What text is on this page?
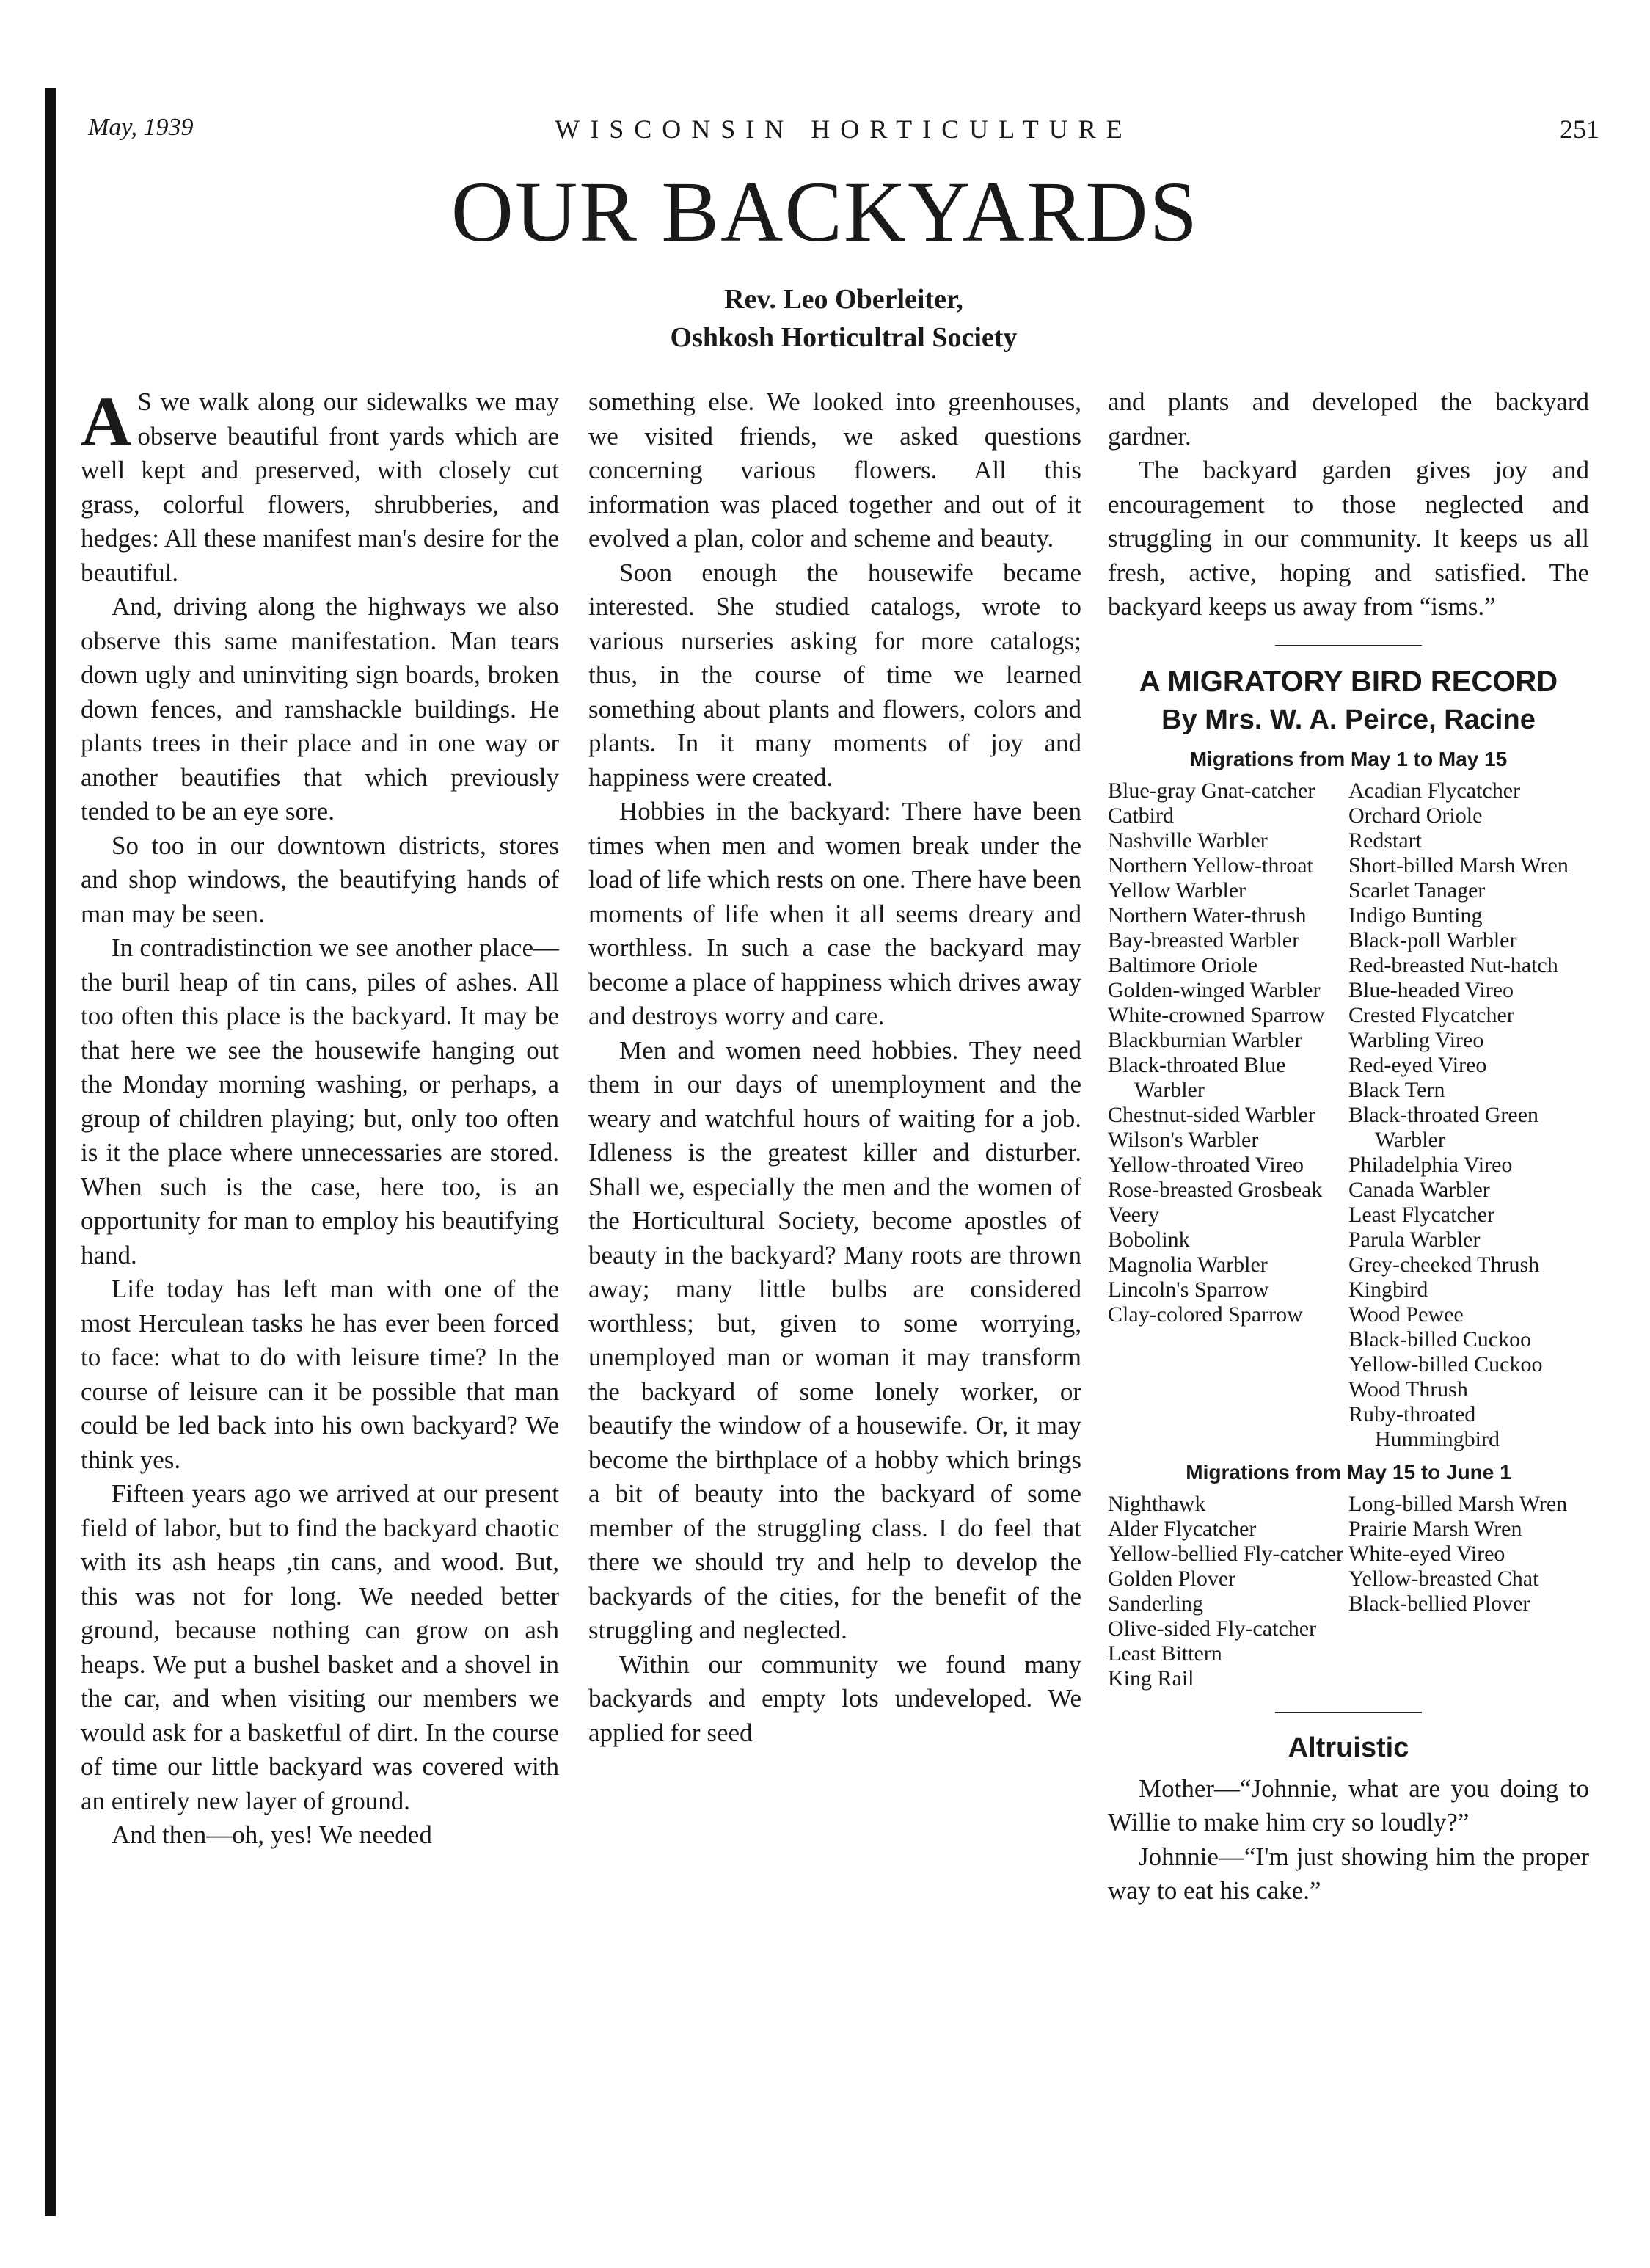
May, 1939	WISCONSIN HORTICULTURE	251
OUR BACKYARDS
Rev. Leo Oberleiter,
Oshkosh Horticultral Society

A S we walk along our sidewalks we may observe beautiful front yards which are well kept and preserved, with closely cut grass, colorful flowers, shrubberies, and hedges: All these manifest man's desire for the beautiful.

And, driving along the highways we also observe this same manifestation. Man tears down ugly and uninviting sign boards, broken down fences, and ramshackle buildings. He plants trees in their place and in one way or another beautifies that which previously tended to be an eye sore.

So too in our downtown districts, stores and shop windows, the beautifying hands of man may be seen.

In contradistinction we see another place—the buril heap of tin cans, piles of ashes. All too often this place is the backyard. It may be that here we see the housewife hanging out the Monday morning washing, or perhaps, a group of children playing; but, only too often is it the place where unnecessaries are stored. When such is the case, here too, is an opportunity for man to employ his beautifying hand.

Life today has left man with one of the most Herculean tasks he has ever been forced to face: what to do with leisure time? In the course of leisure can it be possible that man could be led back into his own backyard? We think yes.

Fifteen years ago we arrived at our present field of labor, but to find the backyard chaotic with its ash heaps ,tin cans, and wood. But, this was not for long. We needed better ground, because nothing can grow on ash heaps. We put a bushel basket and a shovel in the car, and when visiting our members we would ask for a basketful of dirt. In the course of time our little backyard was covered with an entirely new layer of ground.

And then—oh, yes! We needed

something else. We looked into greenhouses, we visited friends, we asked questions concerning various flowers. All this information was placed together and out of it evolved a plan, color and scheme and beauty.

Soon enough the housewife became interested. She studied catalogs, wrote to various nurseries asking for more catalogs; thus, in the course of time we learned something about plants and flowers, colors and plants. In it many moments of joy and happiness were created.

Hobbies in the backyard: There have been times when men and women break under the load of life which rests on one. There have been moments of life when it all seems dreary and worthless. In such a case the backyard may become a place of happiness which drives away and destroys worry and care.

Men and women need hobbies. They need them in our days of unemployment and the weary and watchful hours of waiting for a job. Idleness is the greatest killer and disturber. Shall we, especially the men and the women of the Horticultural Society, become apostles of beauty in the backyard? Many roots are thrown away; many little bulbs are considered worthless; but, given to some worrying, unemployed man or woman it may transform the backyard of some lonely worker, or beautify the window of a housewife. Or, it may become the birthplace of a hobby which brings a bit of beauty into the backyard of some member of the struggling class. I do feel that there we should try and help to develop the backyards of the cities, for the benefit of the struggling and neglected.

Within our community we found many backyards and empty lots undeveloped. We applied for seed

and plants and developed the backyard gardner.

The backyard garden gives joy and encouragement to those neglected and struggling in our community. It keeps us all fresh, active, hoping and satisfied. The backyard keeps us away from “isms.”

A MIGRATORY BIRD RECORD
By Mrs. W. A. Peirce, Racine
Migrations from May 1 to May 15
Blue-gray Gnat-catcher
Catbird
Nashville Warbler
Northern Yellow-throat
Yellow Warbler
Northern Water-thrush
Bay-breasted Warbler
Baltimore Oriole
Golden-winged Warbler
White-crowned Sparrow
Blackburnian Warbler
Black-throated Blue Warbler
Chestnut-sided Warbler
Wilson's Warbler
Yellow-throated Vireo
Rose-breasted Grosbeak
Veery
Bobolink
Magnolia Warbler
Lincoln's Sparrow
Clay-colored Sparrow
Acadian Flycatcher
Orchard Oriole
Redstart
Short-billed Marsh Wren
Scarlet Tanager
Indigo Bunting
Black-poll Warbler
Red-breasted Nut-hatch
Blue-headed Vireo
Crested Flycatcher
Warbling Vireo
Red-eyed Vireo
Black Tern
Black-throated Green Warbler
Philadelphia Vireo
Canada Warbler
Least Flycatcher
Parula Warbler
Grey-cheeked Thrush
Kingbird
Wood Pewee
Black-billed Cuckoo
Yellow-billed Cuckoo
Wood Thrush
Ruby-throated Hummingbird
Migrations from May 15 to June 1
Nighthawk
Alder Flycatcher
Yellow-bellied Fly-catcher
Golden Plover
Sanderling
Olive-sided Fly-catcher
Least Bittern
King Rail
Long-billed Marsh Wren
Prairie Marsh Wren
White-eyed Vireo
Yellow-breasted Chat
Black-bellied Plover
Altruistic

Mother—“Johnnie, what are you doing to Willie to make him cry so loudly?”

Johnnie—“I'm just showing him the proper way to eat his cake.”
